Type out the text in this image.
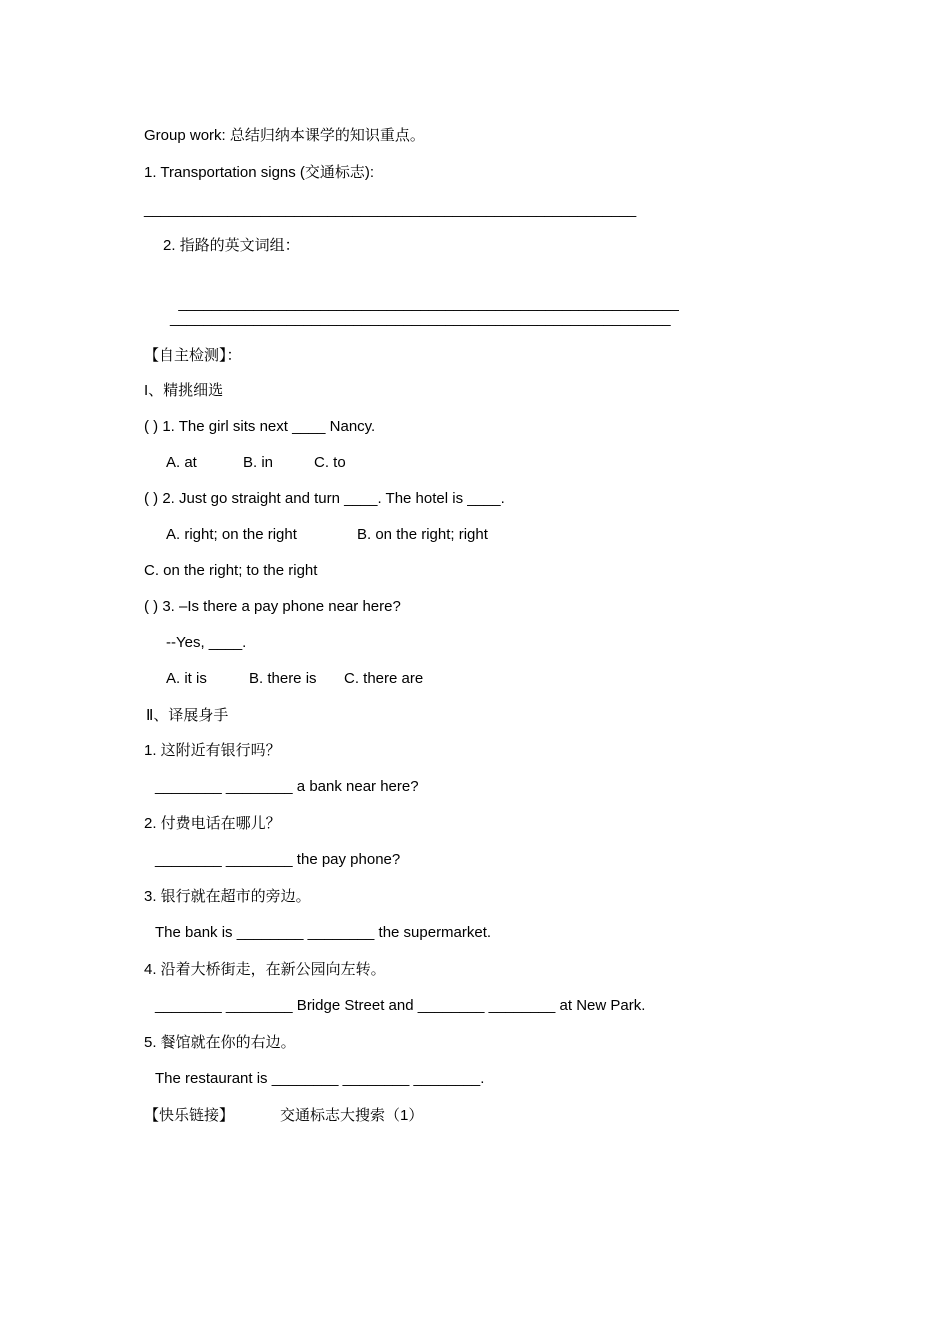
Group work: 总结归纳本课学的知识重点。
1. Transportation signs (交通标志):
___________________________________________________________
2. 指路的英文词组：

____________________________________________________________

____________________________________________________________
【自主检测】：
I、精挑细选
( ) 1. The girl sits next ____ Nancy.
A. at	B. in	C. to
( ) 2. Just go straight and turn ____. The hotel is ____.
A. right; on the right	B. on the right; right
C. on the right; to the right
( ) 3. –Is there a pay phone near here?
--Yes, ____.
A. it is	B. there is C. there are
Ⅱ、译展身手
1. 这附近有银行吗？
________ ________ a bank near here?
2. 付费电话在哪儿？
________ ________ the pay phone?
3. 银行就在超市的旁边。
The bank is ________ ________ the supermarket.
4. 沿着大桥街走，在新公园向左转。
________ ________ Bridge Street and ________ ________ at New Park.
5. 餐馆就在你的右边。
The restaurant is ________ ________ ________.
【快乐链接】	交通标志大搜索（1）
